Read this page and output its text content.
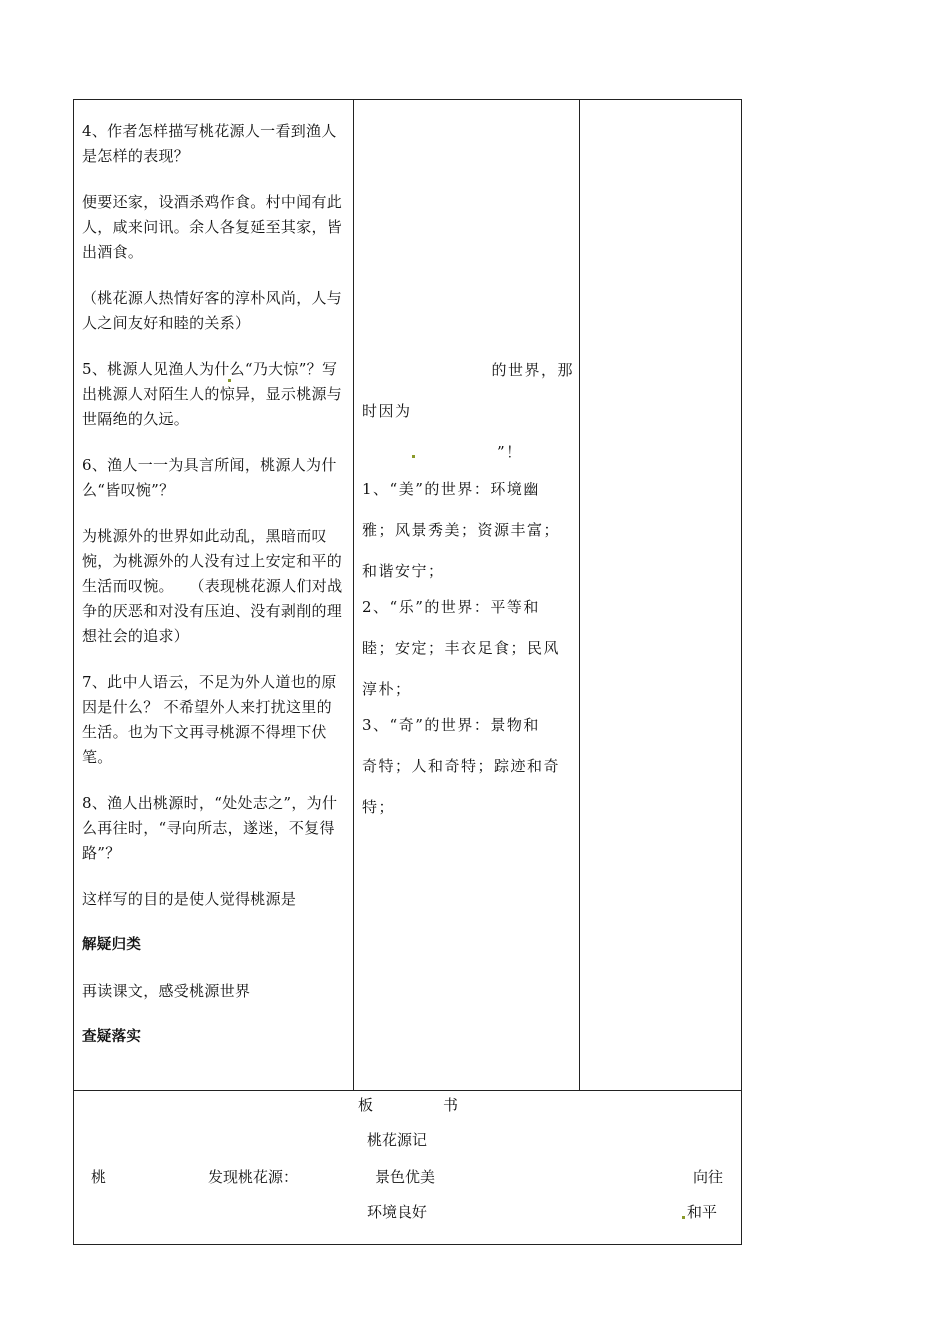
4、作者怎样描写桃花源人一看到渔人是怎样的表现？

便要还家，设酒杀鸡作食。村中闻有此人，咸来问讯。余人各复延至其家，皆出酒食。

（桃花源人热情好客的淳朴风尚，人与人之间友好和睦的关系）

5、桃源人见渔人为什么“乃大惊”？写出桃源人对陌生人的惊异，显示桃源与世隔绝的久远。

6、渔人一一为具言所闻，桃源人为什么“皆叹惋”？

为桃源外的世界如此动乱，黑暗而叹惋，为桃源外的人没有过上安定和平的生活而叹惋。　　（表现桃花源人们对战争的厌恶和对没有压迫、没有剥削的理想社会的追求）

7、此中人语云，不足为外人道也的原因是什么？ 不希望外人来打扰这里的生活。也为下文再寻桃源不得埋下伏笔。

8、渔人出桃源时，“处处志之”，为什么再往时，“寻向所志，遂迷，不复得路”？

这样写的目的是使人觉得桃源是

解疑归类

再读课文，感受桃源世界

查疑落实

的世界，那
时因为
”！
1、“美”的世界：环境幽
雅；风景秀美；资源丰富；
和谐安宁；
2、“乐”的世界：平等和
睦；安定；丰衣足食；民风
淳朴；
3、“奇”的世界：景物和
奇特；人和奇特；踪迹和奇
特；
板	书
桃花源记
桃	发现桃花源：	景色优美	向往
环境良好	和平
